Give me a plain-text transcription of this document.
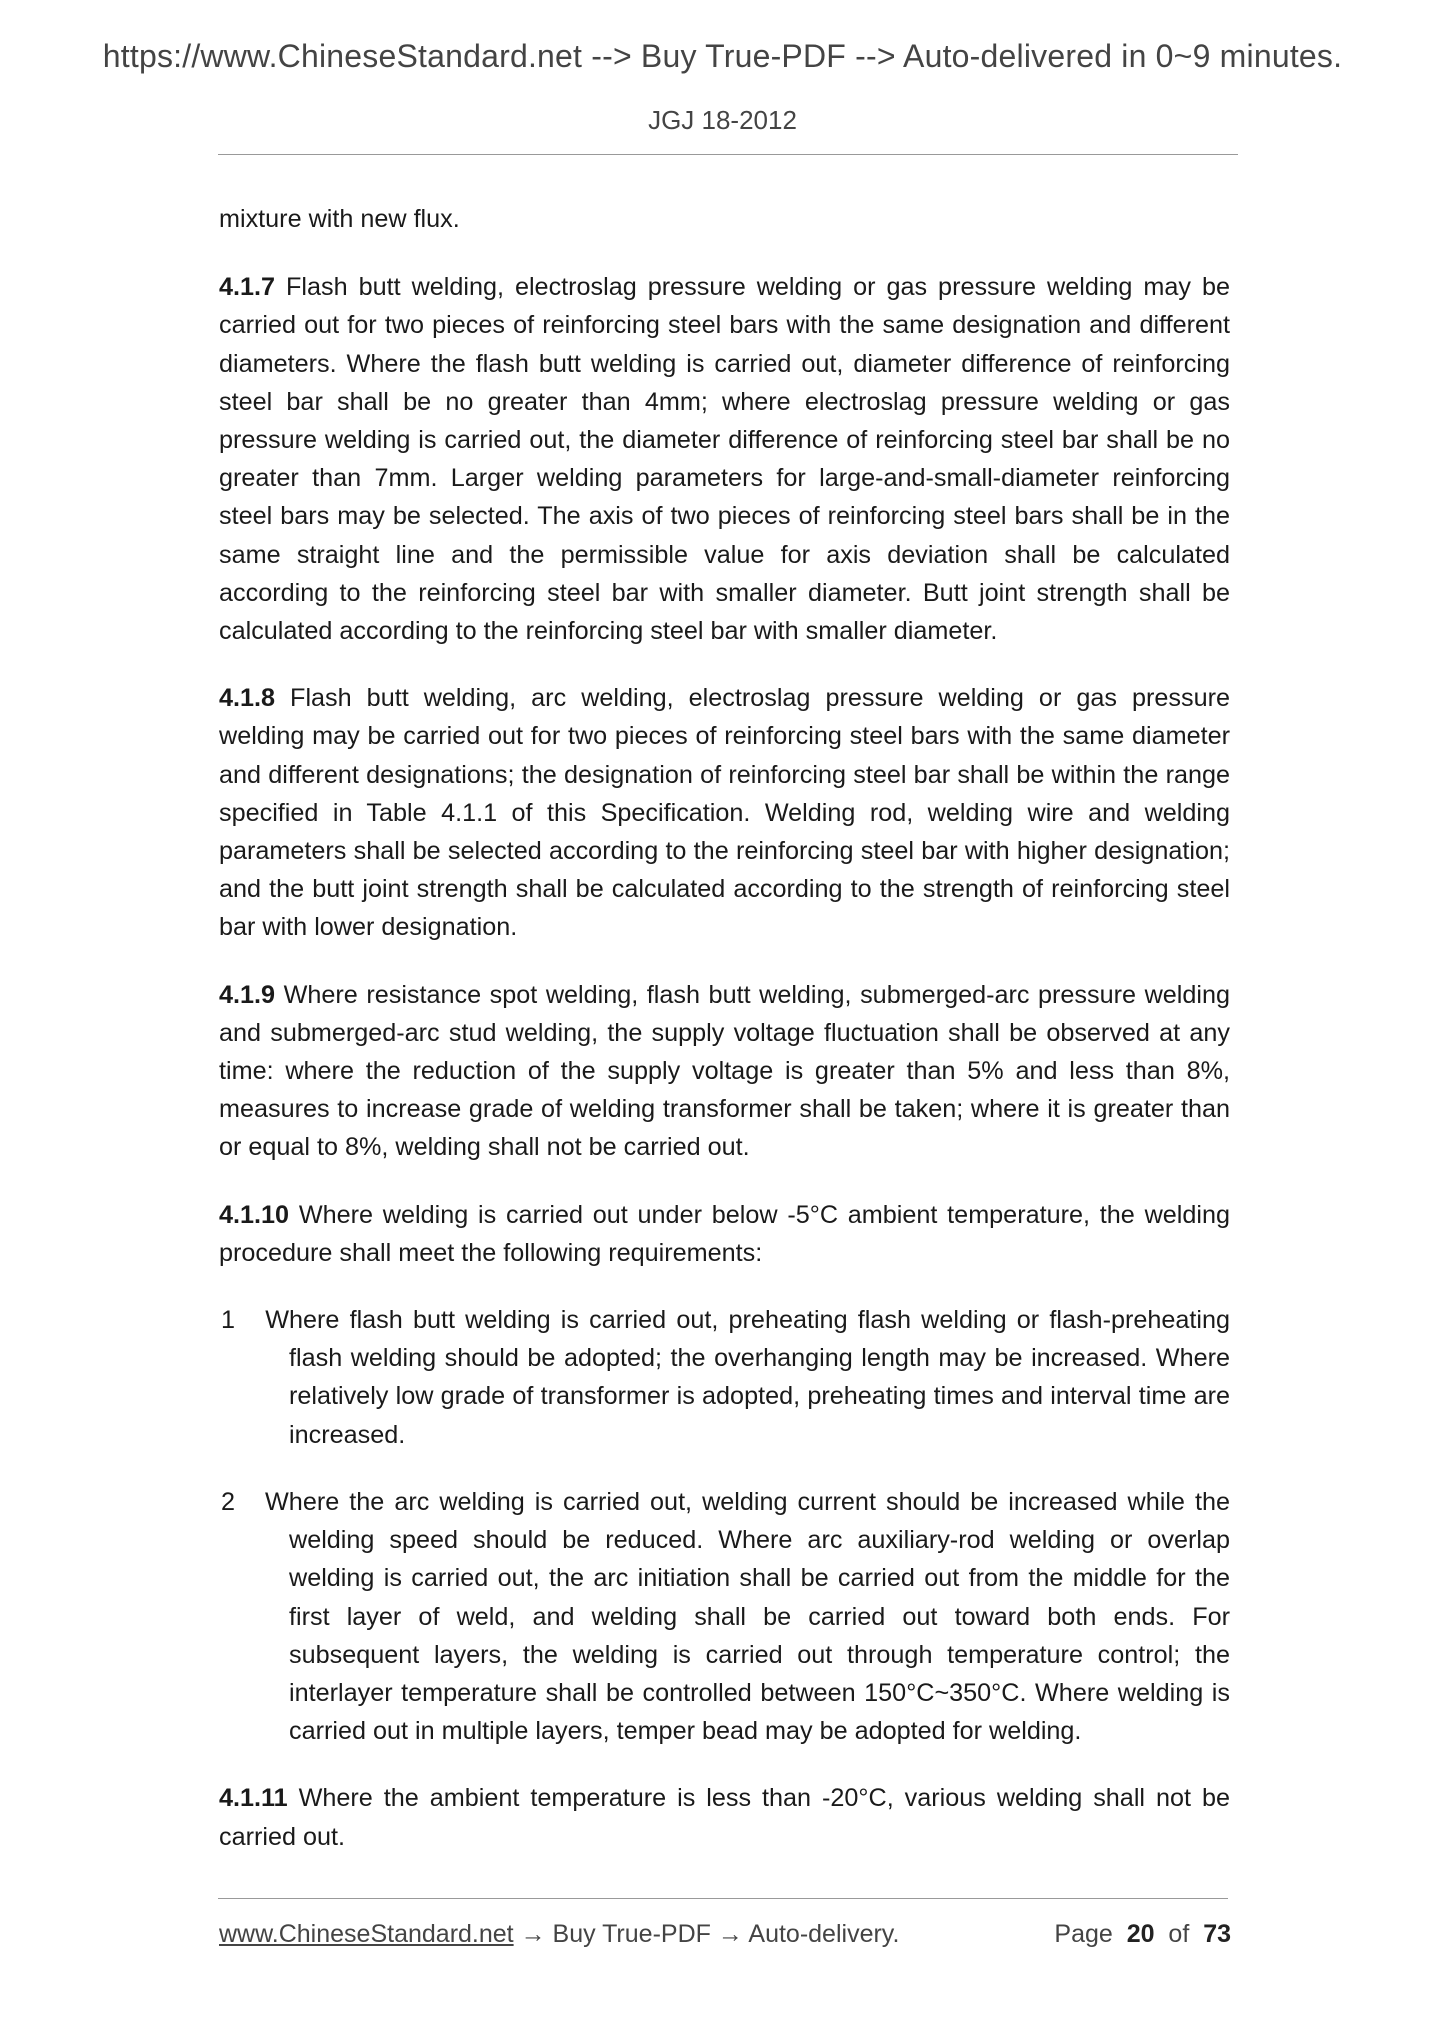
https://www.ChineseStandard.net --> Buy True-PDF --> Auto-delivered in 0~9 minutes.
JGJ 18-2012

mixture with new flux.

4.1.7 Flash butt welding, electroslag pressure welding or gas pressure welding may be carried out for two pieces of reinforcing steel bars with the same designation and different diameters. Where the flash butt welding is carried out, diameter difference of reinforcing steel bar shall be no greater than 4mm; where electroslag pressure welding or gas pressure welding is carried out, the diameter difference of reinforcing steel bar shall be no greater than 7mm. Larger welding parameters for large-and-small-diameter reinforcing steel bars may be selected. The axis of two pieces of reinforcing steel bars shall be in the same straight line and the permissible value for axis deviation shall be calculated according to the reinforcing steel bar with smaller diameter. Butt joint strength shall be calculated according to the reinforcing steel bar with smaller diameter.

4.1.8 Flash butt welding, arc welding, electroslag pressure welding or gas pressure welding may be carried out for two pieces of reinforcing steel bars with the same diameter and different designations; the designation of reinforcing steel bar shall be within the range specified in Table 4.1.1 of this Specification. Welding rod, welding wire and welding parameters shall be selected according to the reinforcing steel bar with higher designation; and the butt joint strength shall be calculated according to the strength of reinforcing steel bar with lower designation.

4.1.9 Where resistance spot welding, flash butt welding, submerged-arc pressure welding and submerged-arc stud welding, the supply voltage fluctuation shall be observed at any time: where the reduction of the supply voltage is greater than 5% and less than 8%, measures to increase grade of welding transformer shall be taken; where it is greater than or equal to 8%, welding shall not be carried out.

4.1.10 Where welding is carried out under below -5°C ambient temperature, the welding procedure shall meet the following requirements:

1 Where flash butt welding is carried out, preheating flash welding or flash-preheating flash welding should be adopted; the overhanging length may be increased. Where relatively low grade of transformer is adopted, preheating times and interval time are increased.
2 Where the arc welding is carried out, welding current should be increased while the welding speed should be reduced. Where arc auxiliary-rod welding or overlap welding is carried out, the arc initiation shall be carried out from the middle for the first layer of weld, and welding shall be carried out toward both ends. For subsequent layers, the welding is carried out through temperature control; the interlayer temperature shall be controlled between 150°C~350°C. Where welding is carried out in multiple layers, temper bead may be adopted for welding.

4.1.11 Where the ambient temperature is less than -20°C, various welding shall not be carried out.

www.ChineseStandard.net → Buy True-PDF → Auto-delivery.	Page 20 of 73
